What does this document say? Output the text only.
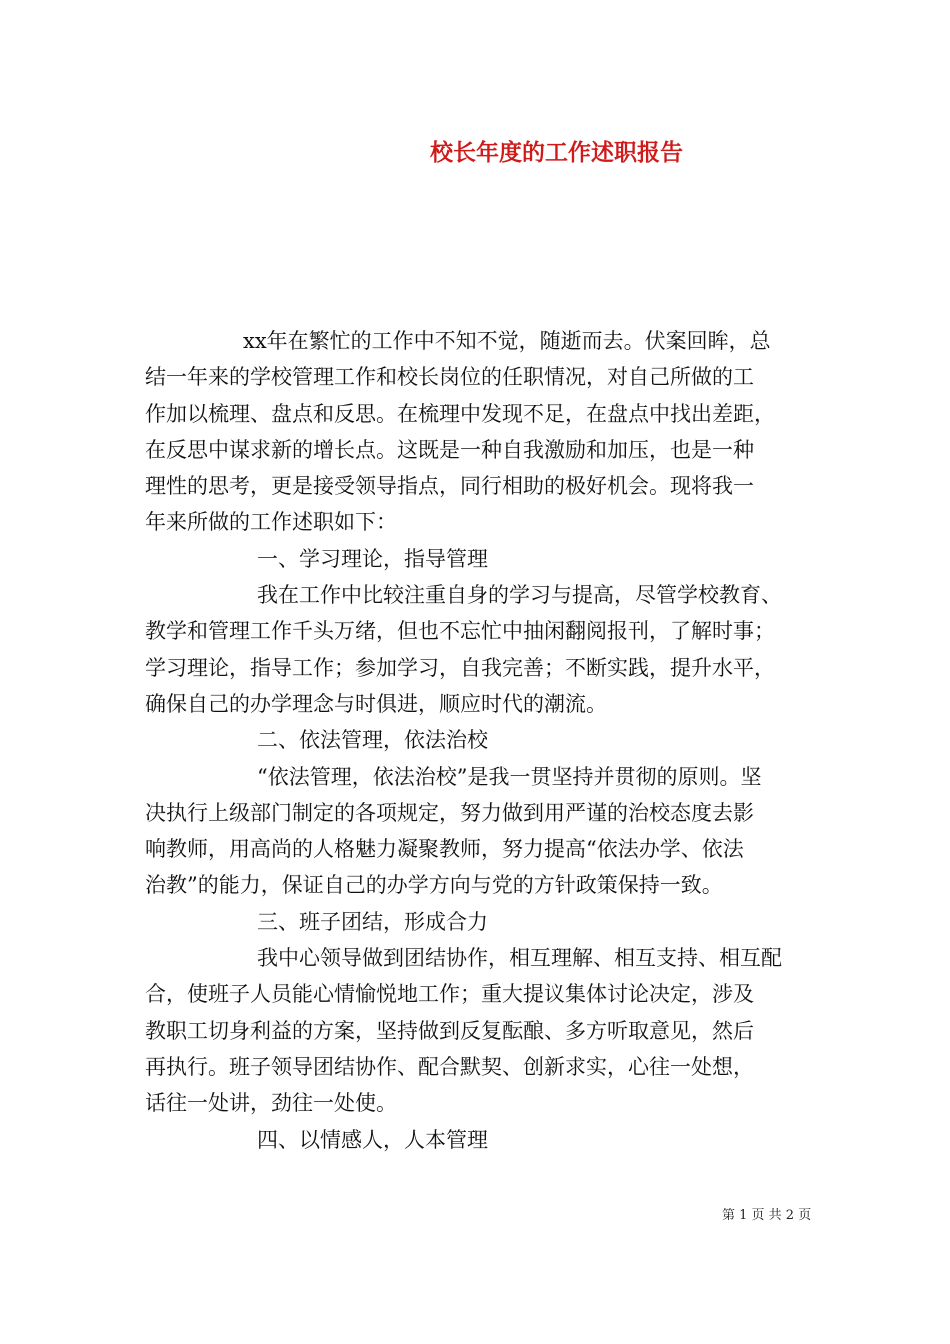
校长年度的工作述职报告
xx年在繁忙的工作中不知不觉，随逝而去。伏案回眸，总
结一年来的学校管理工作和校长岗位的任职情况，对自己所做的工
作加以梳理、盘点和反思。在梳理中发现不足，在盘点中找出差距，
在反思中谋求新的增长点。这既是一种自我激励和加压，也是一种
理性的思考，更是接受领导指点，同行相助的极好机会。现将我一
年来所做的工作述职如下：
一、学习理论，指导管理
我在工作中比较注重自身的学习与提高，尽管学校教育、
教学和管理工作千头万绪，但也不忘忙中抽闲翻阅报刊，了解时事；
学习理论，指导工作；参加学习，自我完善；不断实践，提升水平，
确保自己的办学理念与时俱进，顺应时代的潮流。
二、依法管理，依法治校
“依法管理，依法治校”是我一贯坚持并贯彻的原则。坚
决执行上级部门制定的各项规定，努力做到用严谨的治校态度去影
响教师，用高尚的人格魅力凝聚教师，努力提高“依法办学、依法
治教”的能力，保证自己的办学方向与党的方针政策保持一致。
三、班子团结，形成合力
我中心领导做到团结协作，相互理解、相互支持、相互配
合，使班子人员能心情愉悦地工作；重大提议集体讨论决定，涉及
教职工切身利益的方案，坚持做到反复酝酿、多方听取意见，然后
再执行。班子领导团结协作、配合默契、创新求实，心往一处想，
话往一处讲，劲往一处使。
四、以情感人，人本管理
第 1 页 共 2 页
